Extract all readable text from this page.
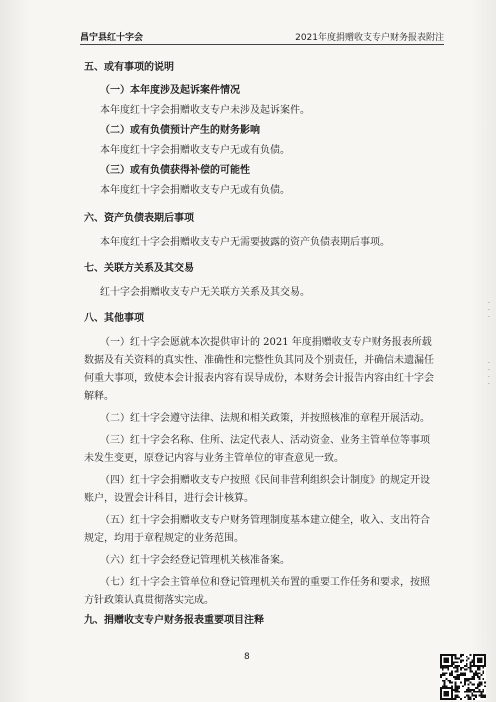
昌宁县红十字会	2021年度捐赠收支专户财务报表附注
五、或有事项的说明
（一）本年度涉及起诉案件情况
本年度红十字会捐赠收支专户未涉及起诉案件。
（二）或有负债预计产生的财务影响
本年度红十字会捐赠收支专户无或有负债。
（三）或有负债获得补偿的可能性
本年度红十字会捐赠收支专户无或有负债。
六、资产负债表期后事项
本年度红十字会捐赠收支专户无需要披露的资产负债表期后事项。
七、关联方关系及其交易
红十字会捐赠收支专户无关联方关系及其交易。
八、其他事项
（一）红十字会愿就本次提供审计的 2021 年度捐赠收支专户财务报表所载
数据及有关资料的真实性、准确性和完整性负其同及个别责任，并确信未遗漏任
何重大事项，致使本会计报表内容有误导成份，本财务会计报告内容由红十字会
解释。
（二）红十字会遵守法律、法规和相关政策，并按照核准的章程开展活动。
（三）红十字会名称、住所、法定代表人、活动资金、业务主管单位等事项
未发生变更，原登记内容与业务主管单位的审查意见一致。
（四）红十字会捐赠收支专户按照《民间非营利组织会计制度》的规定开设
账户，设置会计科目，进行会计核算。
（五）红十字会捐赠收支专户财务管理制度基本建立健全，收入、支出符合
规定，均用于章程规定的业务范围。
（六）红十字会经登记管理机关核准备案。
（七）红十字会主管单位和登记管理机关布置的重要工作任务和要求，按照
方针政策认真贯彻落实完成。
九、捐赠收支专户财务报表重要项目注释
8
·
·
·
·
·
·
·
